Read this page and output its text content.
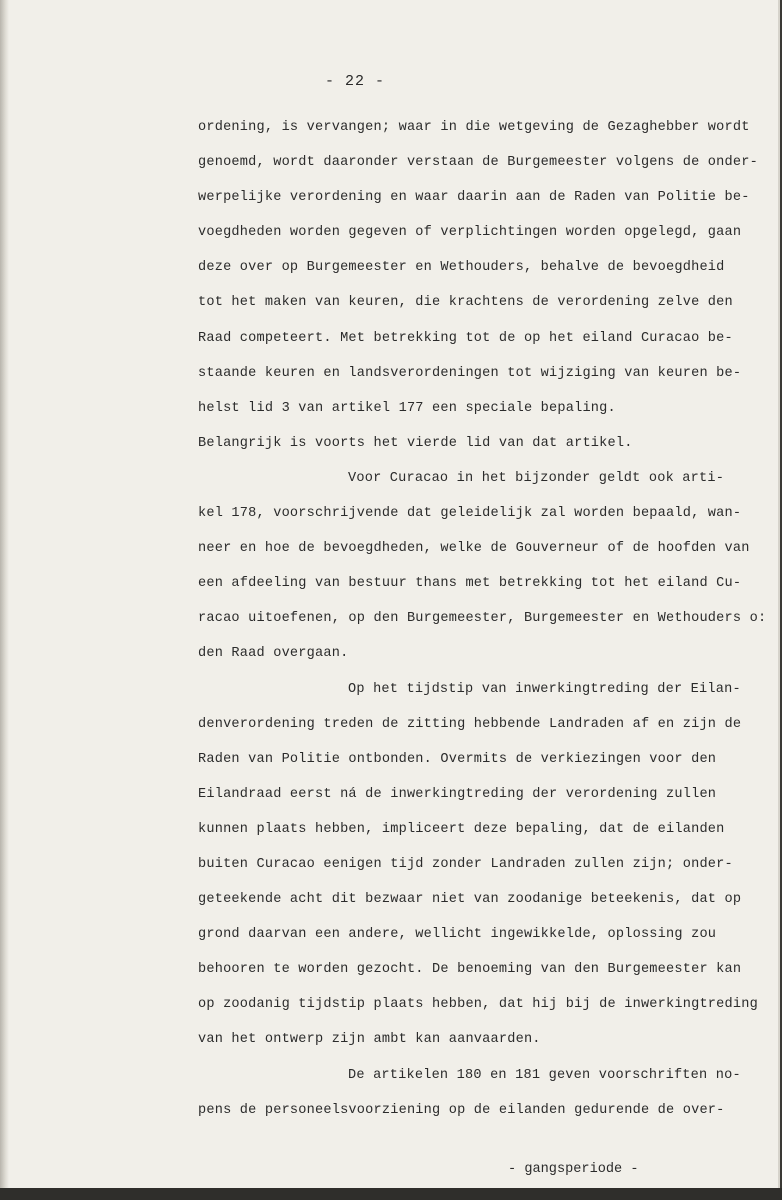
- 22 -
ordening, is vervangen; waar in die wetgeving de Gezaghebber wordt
genoemd, wordt daaronder verstaan de Burgemeester volgens de onder-
werpelijke verordening en waar daarin aan de Raden van Politie be-
voegdheden worden gegeven of verplichtingen worden opgelegd, gaan
deze over op Burgemeester en Wethouders, behalve de bevoegdheid
tot het maken van keuren, die krachtens de verordening zelve den
Raad competeert. Met betrekking tot de op het eiland Curacao be-
staande keuren en landsverordeningen tot wijziging van keuren be-
helst lid 3 van artikel 177 een speciale bepaling.
Belangrijk is voorts het vierde lid van dat artikel.
Voor Curacao in het bijzonder geldt ook arti-
kel 178, voorschrijvende dat geleidelijk zal worden bepaald, wan-
neer en hoe de bevoegdheden, welke de Gouverneur of de hoofden van
een afdeeling van bestuur thans met betrekking tot het eiland Cu-
racao uitoefenen, op den Burgemeester, Burgemeester en Wethouders o:
den Raad overgaan.
Op het tijdstip van inwerkingtreding der Eilan-
denverordening treden de zitting hebbende Landraden af en zijn de
Raden van Politie ontbonden. Overmits de verkiezingen voor den
Eilandraad eerst ná de inwerkingtreding der verordening zullen
kunnen plaats hebben, impliceert deze bepaling, dat de eilanden
buiten Curacao eenigen tijd zonder Landraden zullen zijn; onder-
geteekende acht dit bezwaar niet van zoodanige beteekenis, dat op
grond daarvan een andere, wellicht ingewikkelde, oplossing zou
behooren te worden gezocht. De benoeming van den Burgemeester kan
op zoodanig tijdstip plaats hebben, dat hij bij de inwerkingtreding
van het ontwerp zijn ambt kan aanvaarden.
De artikelen 180 en 181 geven voorschriften no-
pens de personeelsvoorziening op de eilanden gedurende de over-
- gangsperiode -
